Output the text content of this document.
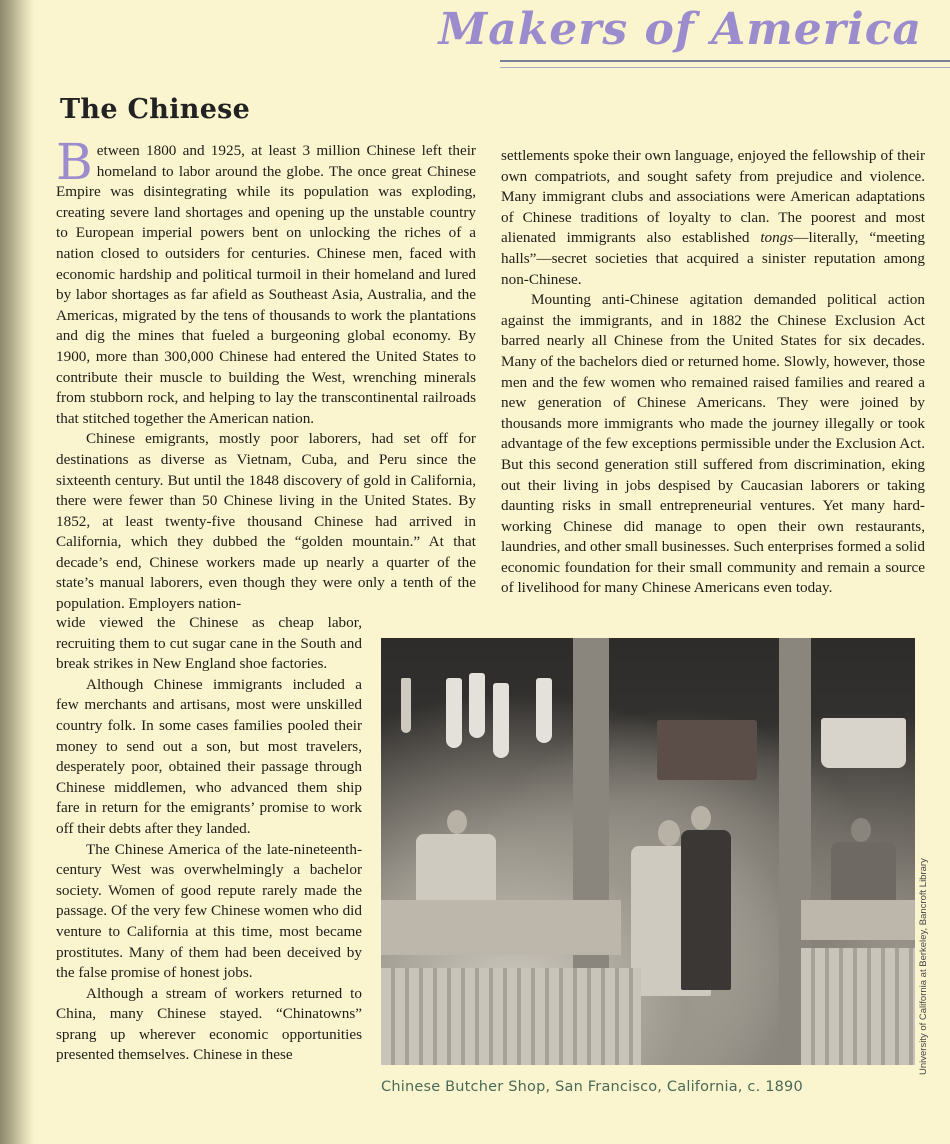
Makers of America
The Chinese

Between 1800 and 1925, at least 3 million Chinese left their homeland to labor around the globe. The once great Chinese Empire was disintegrating while its population was exploding, creating severe land shortages and opening up the unstable country to European imperial powers bent on unlocking the riches of a nation closed to outsiders for centuries. Chinese men, faced with economic hardship and political turmoil in their homeland and lured by labor shortages as far afield as Southeast Asia, Australia, and the Americas, migrated by the tens of thousands to work the plantations and dig the mines that fueled a burgeoning global economy. By 1900, more than 300,000 Chinese had entered the United States to contribute their muscle to building the West, wrenching minerals from stubborn rock, and helping to lay the transcontinental railroads that stitched together the American nation.

Chinese emigrants, mostly poor laborers, had set off for destinations as diverse as Vietnam, Cuba, and Peru since the sixteenth century. But until the 1848 discovery of gold in California, there were fewer than 50 Chinese living in the United States. By 1852, at least twenty-five thousand Chinese had arrived in California, which they dubbed the “golden mountain.” At that decade’s end, Chinese workers made up nearly a quarter of the state’s manual laborers, even though they were only a tenth of the population. Employers nation-

wide viewed the Chinese as cheap labor, recruiting them to cut sugar cane in the South and break strikes in New England shoe factories.

Although Chinese immigrants included a few merchants and artisans, most were unskilled country folk. In some cases families pooled their money to send out a son, but most travelers, desperately poor, obtained their passage through Chinese middlemen, who advanced them ship fare in return for the emigrants’ promise to work off their debts after they landed.

The Chinese America of the late-nineteenth-century West was overwhelmingly a bachelor society. Women of good repute rarely made the passage. Of the very few Chinese women who did venture to California at this time, most became prostitutes. Many of them had been deceived by the false promise of honest jobs.

Although a stream of workers returned to China, many Chinese stayed. “Chinatowns” sprang up wherever economic opportunities presented themselves. Chinese in these

settlements spoke their own language, enjoyed the fellowship of their own compatriots, and sought safety from prejudice and violence. Many immigrant clubs and associations were American adaptations of Chinese traditions of loyalty to clan. The poorest and most alienated immigrants also established tongs—literally, “meeting halls”—secret societies that acquired a sinister reputation among non-Chinese.

Mounting anti-Chinese agitation demanded political action against the immigrants, and in 1882 the Chinese Exclusion Act barred nearly all Chinese from the United States for six decades. Many of the bachelors died or returned home. Slowly, however, those men and the few women who remained raised families and reared a new generation of Chinese Americans. They were joined by thousands more immigrants who made the journey illegally or took advantage of the few exceptions permissible under the Exclusion Act. But this second generation still suffered from discrimination, eking out their living in jobs despised by Caucasian laborers or taking daunting risks in small entrepreneurial ventures. Yet many hard-working Chinese did manage to open their own restaurants, laundries, and other small businesses. Such enterprises formed a solid economic foundation for their small community and remain a source of livelihood for many Chinese Americans even today.

Chinese Butcher Shop, San Francisco, California, c. 1890
University of California at Berkeley, Bancroft Library
